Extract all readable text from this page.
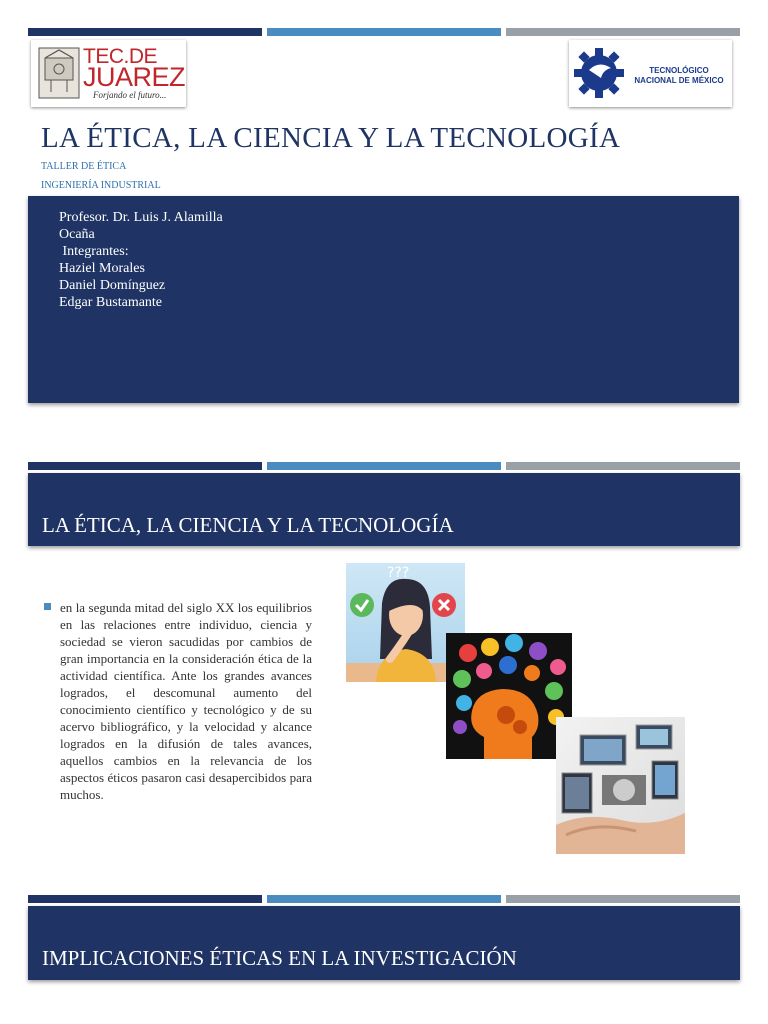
TEC.DE
JUAREZ
Forjando el futuro...
TECNOLÓGICO
NACIONAL DE MÉXICO
LA ÉTICA, LA CIENCIA Y LA TECNOLOGÍA
TALLER DE ÉTICA
INGENIERÍA INDUSTRIAL
Profesor. Dr. Luis J. Alamilla
Ocaña
Integrantes:
Haziel Morales
Daniel Domínguez
Edgar Bustamante
LA ÉTICA, LA CIENCIA Y LA TECNOLOGÍA
en la segunda mitad del siglo XX los equilibrios en las relaciones entre individuo, ciencia y sociedad se vieron sacudidas por cambios de gran importancia en la consideración ética de la actividad científica. Ante los grandes avances logrados, el descomunal aumento del conocimiento científico y tecnológico y de su acervo bibliográfico, y la velocidad y alcance logrados en la difusión de tales avances, aquellos cambios en la relevancia de los aspectos éticos pasaron casi desapercibidos para muchos.
???
IMPLICACIONES ÉTICAS EN LA INVESTIGACIÓN
